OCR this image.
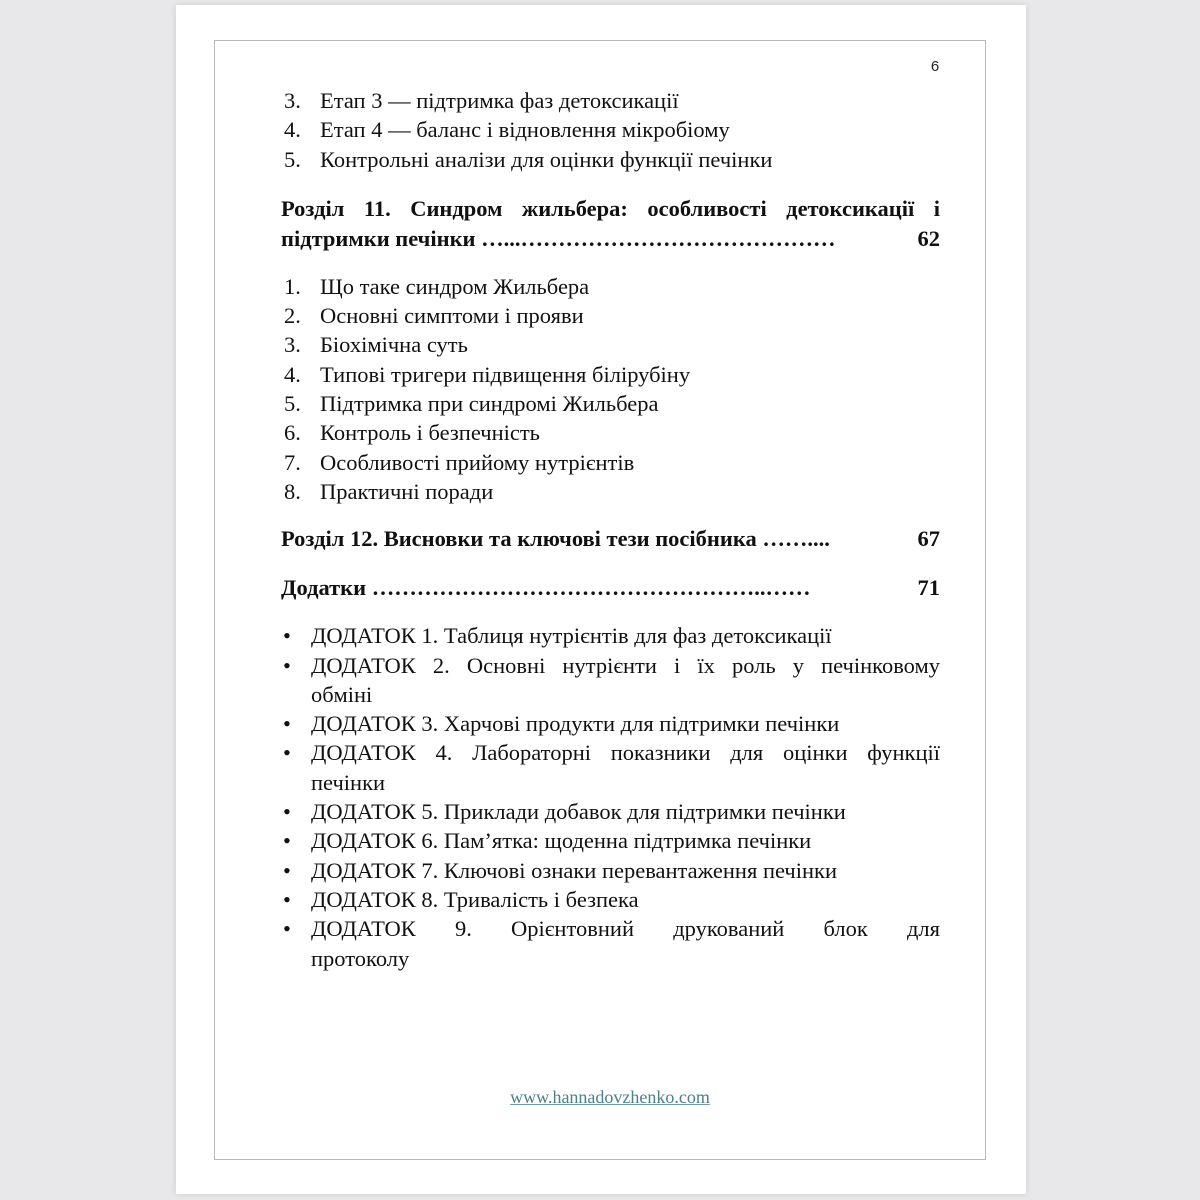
6
3. Етап 3 — підтримка фаз детоксикації
4. Етап 4 — баланс і відновлення мікробіому
5. Контрольні аналізи для оцінки функції печінки
Розділ 11. Синдром жильбера: особливості детоксикації і
підтримки печінки …...……………………………………	62
1. Що таке синдром Жильбера
2. Основні симптоми і прояви
3. Біохімічна суть
4. Типові тригери підвищення білірубіну
5. Підтримка при синдромі Жильбера
6. Контроль і безпечність
7. Особливості прийому нутрієнтів
8. Практичні поради
Розділ 12. Висновки та ключові тези посібника ……....	67
Додатки ……………………………………………..……	71
• ДОДАТОК 1. Таблиця нутрієнтів для фаз детоксикації
• ДОДАТОК 2. Основні нутрієнти і їх роль у печінковому
обміні
• ДОДАТОК 3. Харчові продукти для підтримки печінки
• ДОДАТОК 4. Лабораторні показники для оцінки функції
печінки
• ДОДАТОК 5. Приклади добавок для підтримки печінки
• ДОДАТОК 6. Пам’ятка: щоденна підтримка печінки
• ДОДАТОК 7. Ключові ознаки перевантаження печінки
• ДОДАТОК 8. Тривалість і безпека
• ДОДАТОК 9. Орієнтовний друкований блок для
протоколу
www.hannadovzhenko.com
